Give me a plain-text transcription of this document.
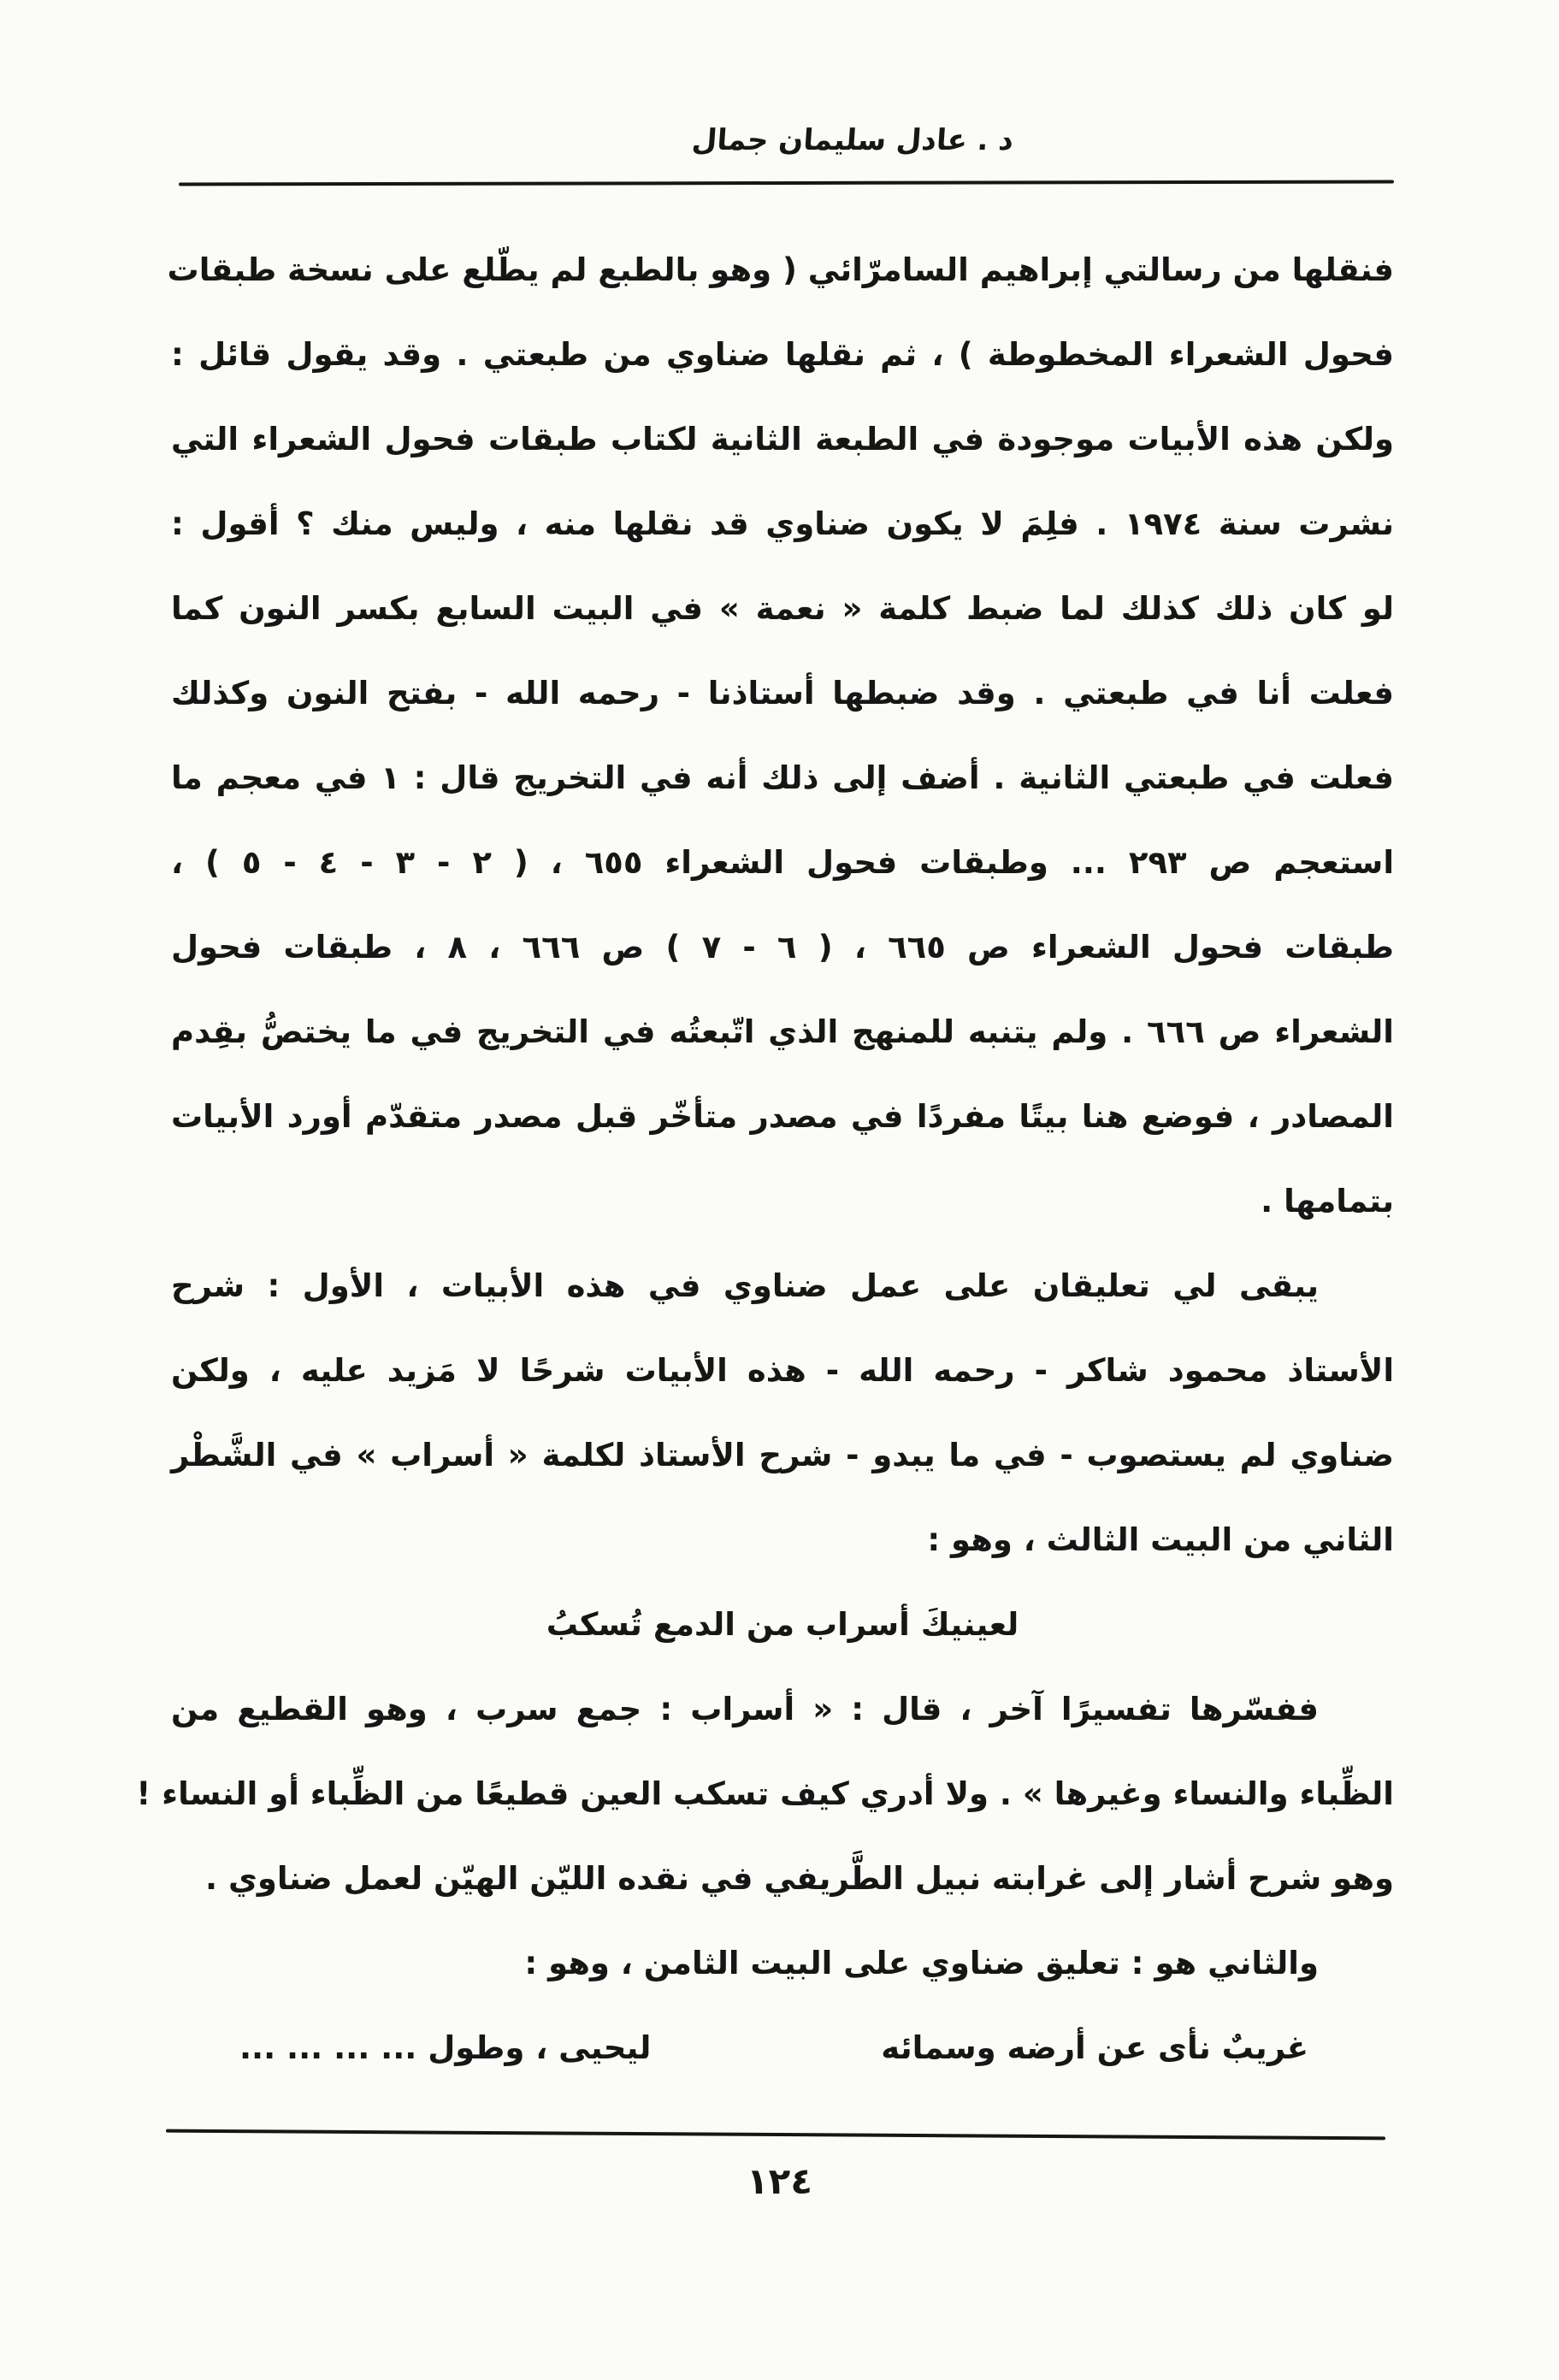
د . عادل سليمان جمال
فنقلها من رسالتي إبراهيم السامرّائي ( وهو بالطبع لم يطّلع على نسخة طبقات
فحول الشعراء المخطوطة ) ، ثم نقلها ضناوي من طبعتي . وقد يقول قائل :
ولكن هذه الأبيات موجودة في الطبعة الثانية لكتاب طبقات فحول الشعراء التي
نشرت سنة ١٩٧٤ . فلِمَ لا يكون ضناوي قد نقلها منه ، وليس منك ؟ أقول :
لو كان ذلك كذلك لما ضبط كلمة « نعمة » في البيت السابع بكسر النون كما
فعلت أنا في طبعتي . وقد ضبطها أستاذنا - رحمه الله - بفتح النون وكذلك
فعلت في طبعتي الثانية . أضف إلى ذلك أنه في التخريج قال : ١ في معجم ما
استعجم ص ٢٩٣ ... وطبقات فحول الشعراء ٦٥٥ ، ( ٢ - ٣ - ٤ - ٥ ) ،
طبقات فحول الشعراء ص ٦٦٥ ، ( ٦ - ٧ ) ص ٦٦٦ ، ٨ ، طبقات فحول
الشعراء ص ٦٦٦ . ولم يتنبه للمنهج الذي اتّبعتُه في التخريج في ما يختصُّ بقِدم
المصادر ، فوضع هنا بيتًا مفردًا في مصدر متأخّر قبل مصدر متقدّم أورد الأبيات
بتمامها .
يبقى لي تعليقان على عمل ضناوي في هذه الأبيات ، الأول : شرح
الأستاذ محمود شاكر - رحمه الله - هذه الأبيات شرحًا لا مَزيد عليه ، ولكن
ضناوي لم يستصوب - في ما يبدو - شرح الأستاذ لكلمة « أسراب » في الشَّطْر
الثاني من البيت الثالث ، وهو :
لعينيكَ أسراب من الدمع تُسكبُ
ففسّرها تفسيرًا آخر ، قال : « أسراب : جمع سرب ، وهو القطيع من
الظِّباء والنساء وغيرها » . ولا أدري كيف تسكب العين قطيعًا من الظِّباء أو النساء !
وهو شرح أشار إلى غرابته نبيل الطَّريفي في نقده الليّن الهيّن لعمل ضناوي .
والثاني هو : تعليق ضناوي على البيت الثامن ، وهو :
غريبٌ نأى عن أرضه وسمائه
ليحيى ، وطول ... ... ... ...
١٢٤
